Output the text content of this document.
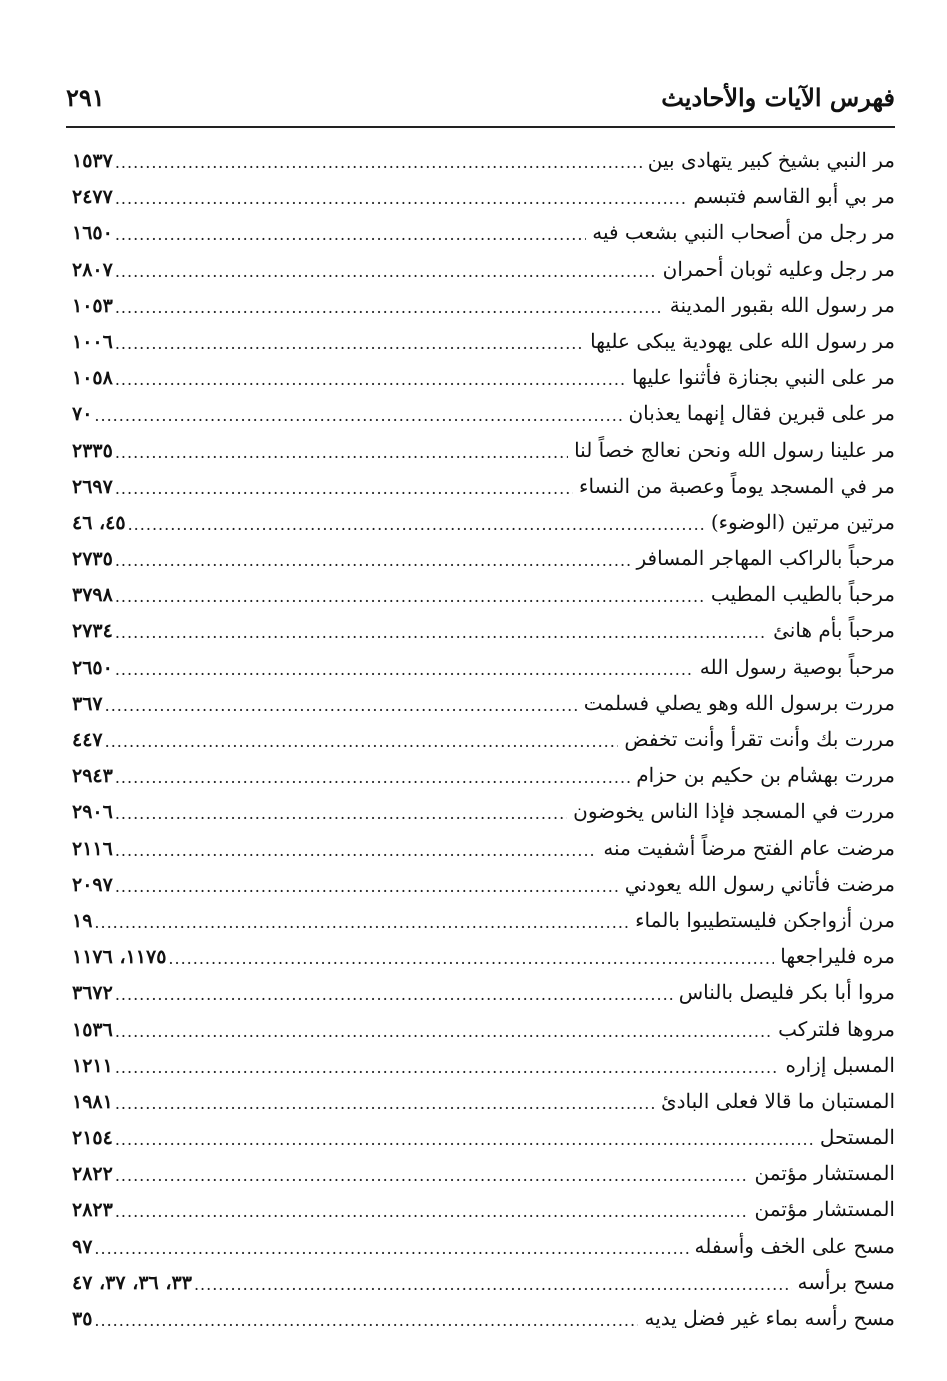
فهرس الآيات والأحاديث
٢٩١
مر النبي بشيخ كبير يتهادى بين
.....
١٥٣٧
مر بي أبو القاسم فتبسم
.....
٢٤٧٧
مر رجل من أصحاب النبي بشعب فيه
.....
١٦٥٠
مر رجل وعليه ثوبان أحمران
.....
٢٨٠٧
مر رسول الله بقبور المدينة
.....
١٠٥٣
مر رسول الله على يهودية يبكى عليها
.....
١٠٠٦
مر على النبي بجنازة فأثنوا عليها
.....
١٠٥٨
مر على قبرين فقال إنهما يعذبان
.....
٧٠
مر علينا رسول الله ونحن نعالج خصاً لنا
.....
٢٣٣٥
مر في المسجد يوماً وعصبة من النساء
.....
٢٦٩٧
مرتين مرتين (الوضوء)
.....
٤٥، ٤٦
مرحباً بالراكب المهاجر المسافر
.....
٢٧٣٥
مرحباً بالطيب المطيب
.....
٣٧٩٨
مرحباً بأم هانئ
.....
٢٧٣٤
مرحباً بوصية رسول الله
.....
٢٦٥٠
مررت برسول الله وهو يصلي فسلمت
.....
٣٦٧
مررت بك وأنت تقرأ وأنت تخفض
.....
٤٤٧
مررت بهشام بن حكيم بن حزام
.....
٢٩٤٣
مررت في المسجد فإذا الناس يخوضون
.....
٢٩٠٦
مرضت عام الفتح مرضاً أشفيت منه
.....
٢١١٦
مرضت فأتاني رسول الله يعودني
.....
٢٠٩٧
مرن أزواجكن فليستطيبوا بالماء
.....
١٩
مره فليراجعها
.....
١١٧٥، ١١٧٦
مروا أبا بكر فليصل بالناس
.....
٣٦٧٢
مروها فلتركب
.....
١٥٣٦
المسبل إزاره
.....
١٢١١
المستبان ما قالا فعلى البادئ
.....
١٩٨١
المستحل
.....
٢١٥٤
المستشار مؤتمن
.....
٢٨٢٢
المستشار مؤتمن
.....
٢٨٢٣
مسح على الخف وأسفله
.....
٩٧
مسح برأسه
.....
٣٣، ٣٦، ٣٧، ٤٧
مسح رأسه بماء غير فضل يديه
.....
٣٥
